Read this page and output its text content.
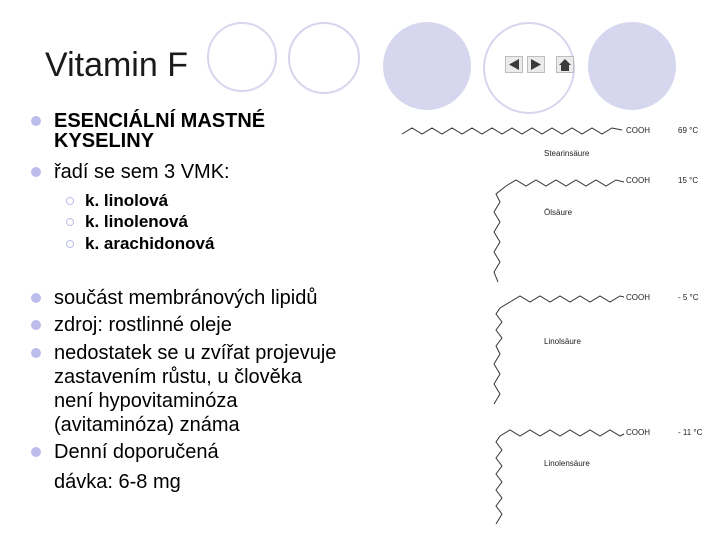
Vitamin F
ESENCIÁLNÍ MASTNÉ
KYSELINY
řadí se sem 3 VMK:
k. linolová
k. linolenová
k. arachidonová
součást membránových lipidů
zdroj: rostlinné oleje
nedostatek se u zvířat projevuje
zastavením růstu, u člověka
není hypovitaminóza
(avitaminóza) známa
Denní doporučená
dávka: 6-8 mg
COOH	69 °C
Stearinsäure
COOH	15 °C
Ölsäure
COOH	- 5 °C
Linolsäure
COOH	- 11 °C
Linolensäure
